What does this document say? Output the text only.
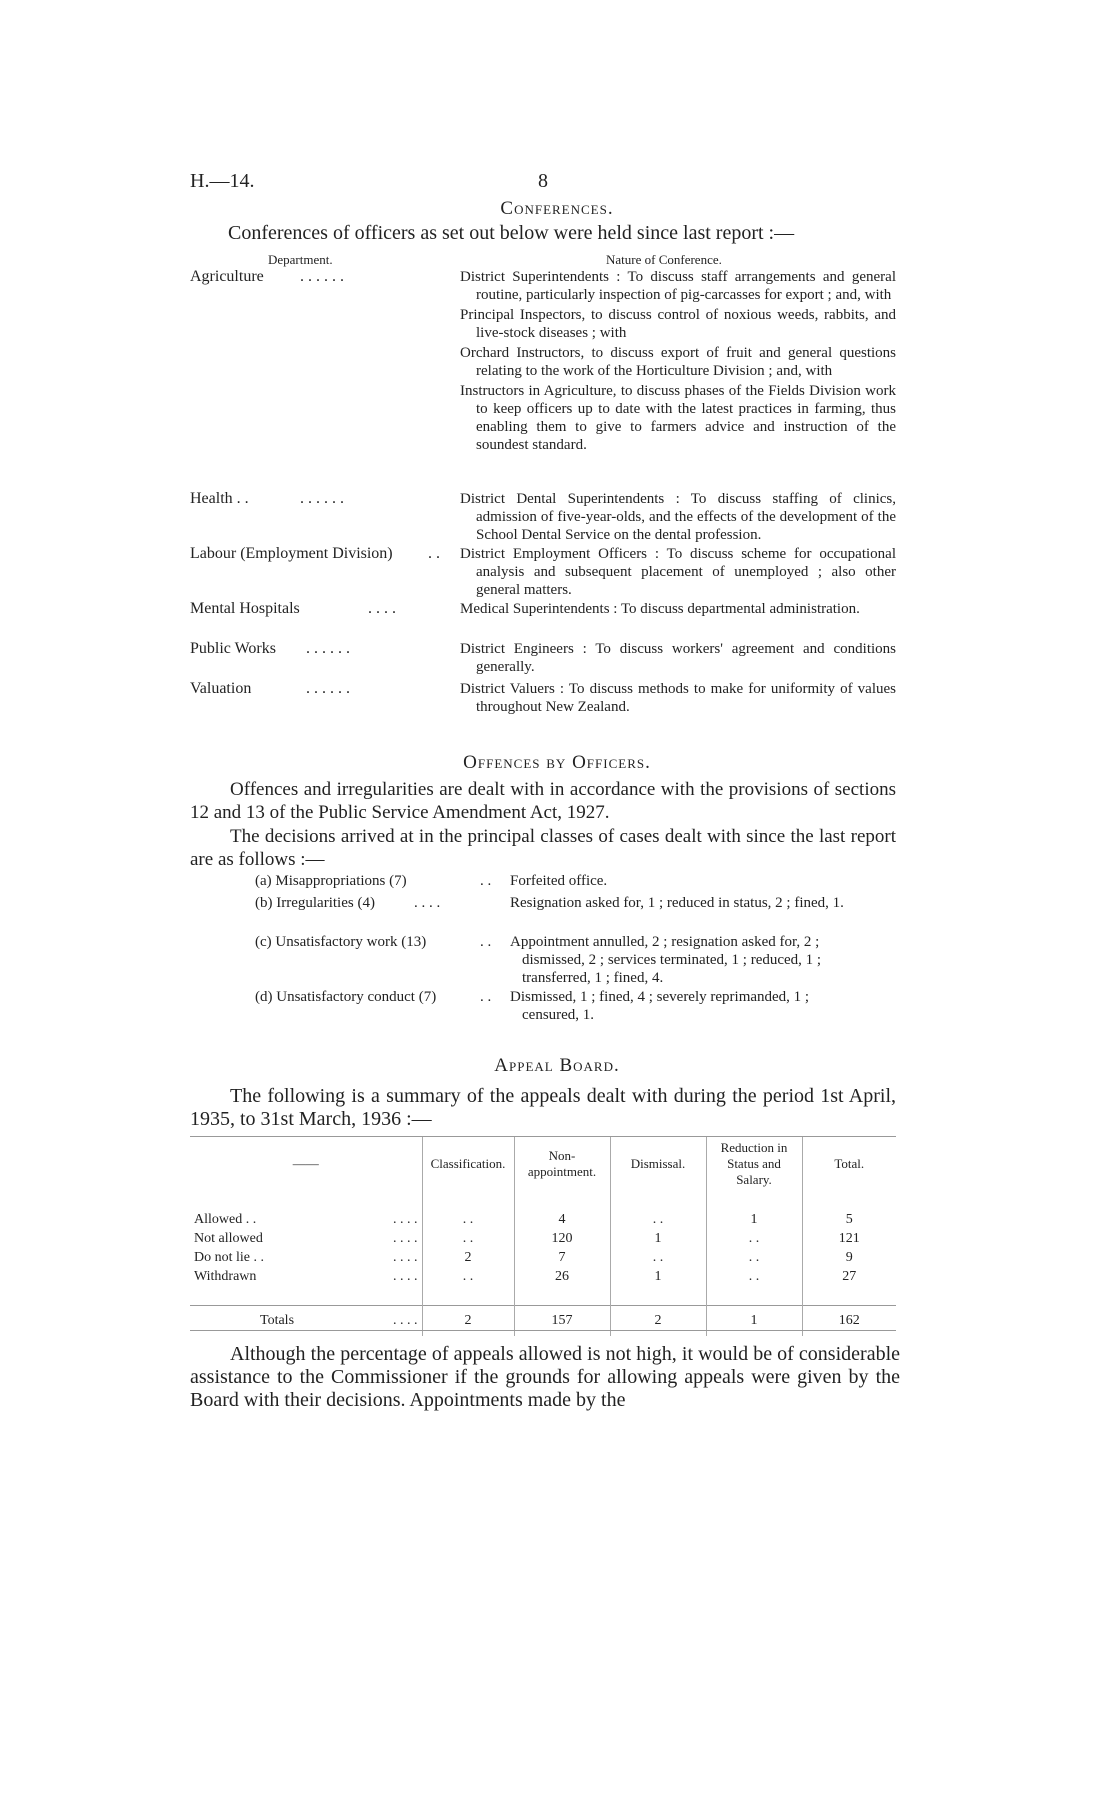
H.—14.	8
Conferences.
Conferences of officers as set out below were held since last report :—
Department.	Nature of Conference.
Agriculture . . . . . .	District Superintendents : To discuss staff arrangements and general routine, particularly inspection of pig-carcasses for export ; and, with
Principal Inspectors, to discuss control of noxious weeds, rabbits, and live-stock diseases ; with
Orchard Instructors, to discuss export of fruit and general questions relating to the work of the Horticulture Division ; and, with
Instructors in Agriculture, to discuss phases of the Fields Division work to keep officers up to date with the latest practices in farming, thus enabling them to give to farmers advice and instruction of the soundest standard.
Health . .	. . . . . .	District Dental Superintendents : To discuss staffing of clinics, admission of five-year-olds, and the effects of the development of the School Dental Service on the dental profession.
Labour (Employment Division) . . District Employment Officers : To discuss scheme for occupational analysis and subsequent placement of unemployed ; also other general matters.
Mental Hospitals	. . . .	Medical Superintendents : To discuss departmental administration.
Public Works . . . . . .	District Engineers : To discuss workers' agreement and conditions generally.
Valuation	. . . . . .	District Valuers : To discuss methods to make for uniformity of values throughout New Zealand.
Offences by Officers.
Offences and irregularities are dealt with in accordance with the provisions of sections 12 and 13 of the Public Service Amendment Act, 1927.
The decisions arrived at in the principal classes of cases dealt with since the last report are as follows :—
(a) Misappropriations (7)	. . Forfeited office.
(b) Irregularities (4)	. . . .	Resignation asked for, 1 ; reduced in status, 2 ; fined, 1.
(c) Unsatisfactory work (13)	. . Appointment annulled, 2 ; resignation asked for, 2 ; dismissed, 2 ; services terminated, 1 ; reduced, 1 ; transferred, 1 ; fined, 4.
(d) Unsatisfactory conduct (7)	. . Dismissed, 1 ; fined, 4 ; severely reprimanded, 1 ; censured, 1.
Appeal Board.
The following is a summary of the appeals dealt with during the period 1st April, 1935, to 31st March, 1936 :—
——	Classification.	Non-appointment.	Dismissal.	Reduction in Status and Salary.	Total.

Allowed . . . . . .	. .	4	. .	1	5
Not allowed . . . .	. .	120	1	. .	121
Do not lie . . . . . .	2	7	. .	. .	9
Withdrawn . . . .	. .	26	1	. .	27

Totals . . . .	2	157	2	1	162
Although the percentage of appeals allowed is not high, it would be of considerable assistance to the Commissioner if the grounds for allowing appeals were given by the Board with their decisions. Appointments made by the
